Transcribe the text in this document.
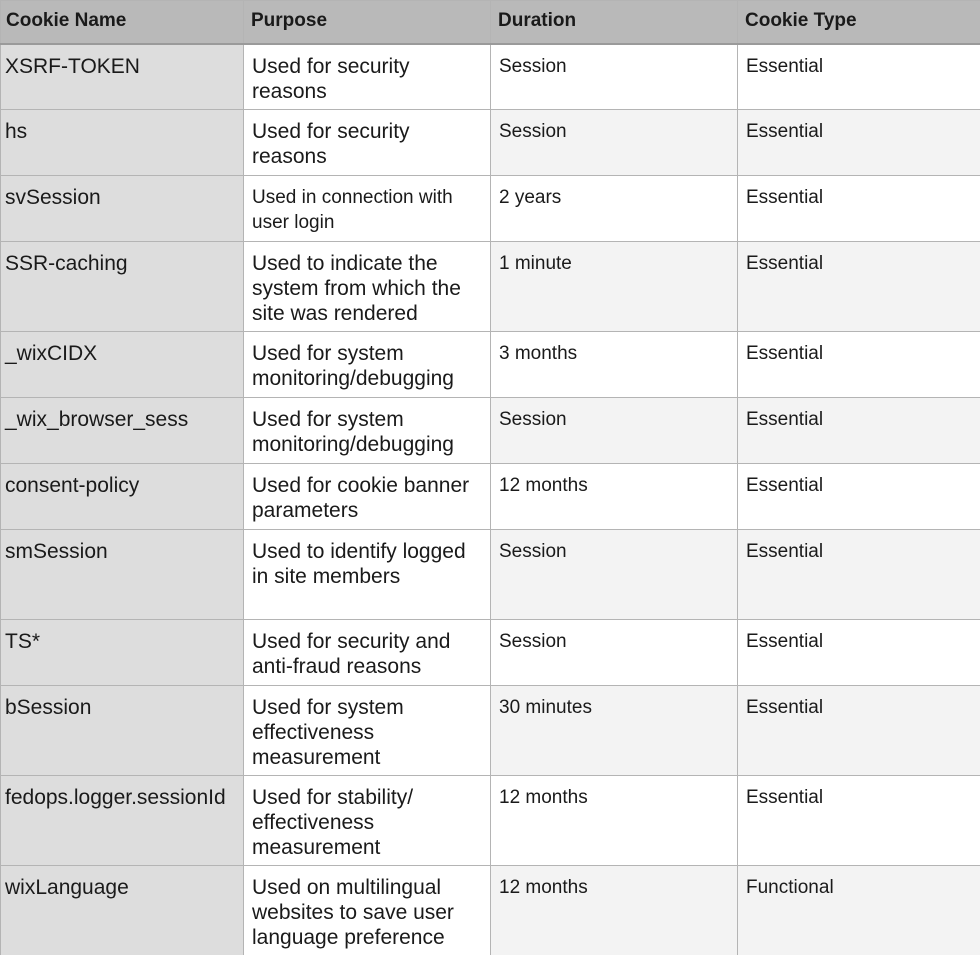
Cookie Name	Purpose	Duration	Cookie Type
XSRF-TOKEN	Used for security reasons	Session	Essential
hs	Used for security reasons	Session	Essential
svSession	Used in connection with user login	2 years	Essential
SSR-caching	Used to indicate the system from which the site was rendered	1 minute	Essential
_wixCIDX	Used for system monitoring/debugging	3 months	Essential
_wix_browser_sess	Used for system monitoring/debugging	Session	Essential
consent-policy	Used for cookie banner parameters	12 months	Essential
smSession	Used to identify logged in site members	Session	Essential
TS*	Used for security and anti-fraud reasons	Session	Essential
bSession	Used for system effectiveness measurement	30 minutes	Essential
fedops.logger.sessionId	Used for stability/ effectiveness measurement	12 months	Essential
wixLanguage	Used on multilingual websites to save user language preference	12 months	Functional
